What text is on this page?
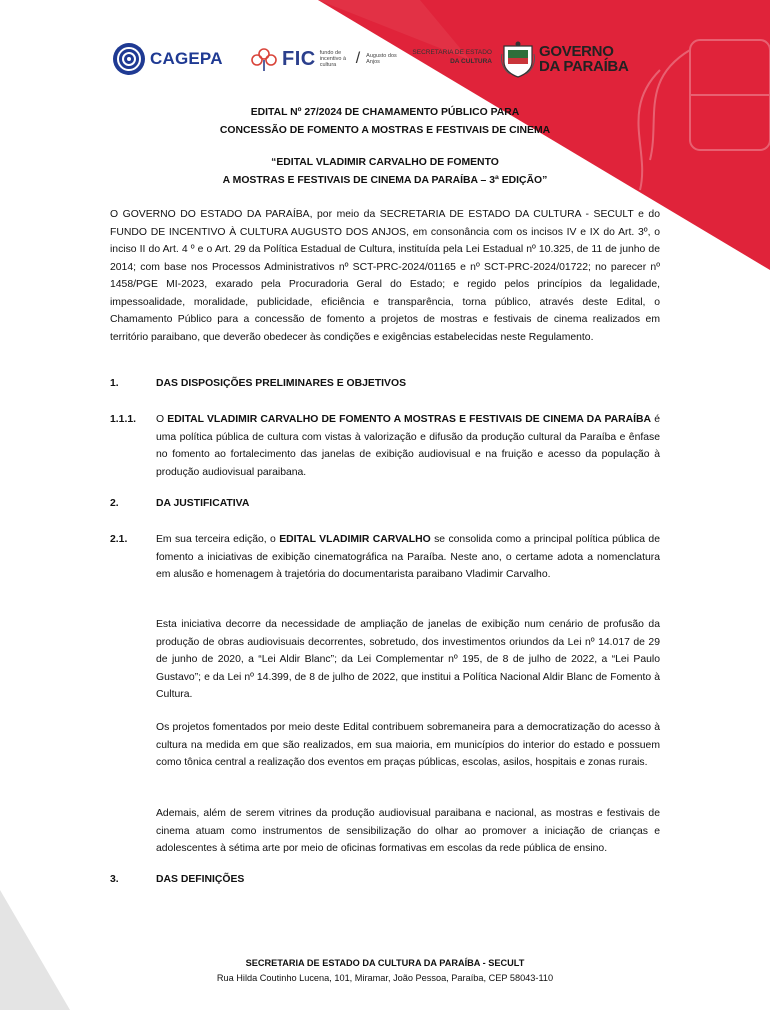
CAGEPA	FIC fundo de incentivo à cultura	/ Augusto dos Anjos
SECRETARIA DE ESTADO
DA CULTURA
GOVERNO
DA PARAÍBA
EDITAL Nº 27/2024 DE CHAMAMENTO PÚBLICO PARA
CONCESSÃO DE FOMENTO A MOSTRAS E FESTIVAIS DE CINEMA
“EDITAL VLADIMIR CARVALHO DE FOMENTO
A MOSTRAS E FESTIVAIS DE CINEMA DA PARAÍBA – 3ª EDIÇÃO”
O GOVERNO DO ESTADO DA PARAÍBA, por meio da SECRETARIA DE ESTADO DA CULTURA - SECULT e do FUNDO DE INCENTIVO À CULTURA AUGUSTO DOS ANJOS, em consonância com os incisos IV e IX do Art. 3º, o inciso II do Art. 4 º e o Art. 29 da Política Estadual de Cultura, instituída pela Lei Estadual nº 10.325, de 11 de junho de 2014; com base nos Processos Administrativos nº SCT-PRC-2024/01165 e nº SCT-PRC-2024/01722; no parecer nº 1458/PGE MI-2023, exarado pela Procuradoria Geral do Estado; e regido pelos princípios da legalidade, impessoalidade, moralidade, publicidade, eficiência e transparência, torna público, através deste Edital, o Chamamento Público para a concessão de fomento a projetos de mostras e festivais de cinema realizados em território paraibano, que deverão obedecer às condições e exigências estabelecidas neste Regulamento.
1.	DAS DISPOSIÇÕES PRELIMINARES E OBJETIVOS
1.1.1. O EDITAL VLADIMIR CARVALHO DE FOMENTO A MOSTRAS E FESTIVAIS DE CINEMA DA PARAÍBA é uma política pública de cultura com vistas à valorização e difusão da produção cultural da Paraíba e ênfase no fomento ao fortalecimento das janelas de exibição audiovisual e na fruição e acesso da população à produção audiovisual paraibana.
2.	DA JUSTIFICATIVA
2.1.	Em sua terceira edição, o EDITAL VLADIMIR CARVALHO se consolida como a principal política pública de fomento a iniciativas de exibição cinematográfica na Paraíba. Neste ano, o certame adota a nomenclatura em alusão e homenagem à trajetória do documentarista paraibano Vladimir Carvalho.
Esta iniciativa decorre da necessidade de ampliação de janelas de exibição num cenário de profusão da produção de obras audiovisuais decorrentes, sobretudo, dos investimentos oriundos da Lei nº 14.017 de 29 de junho de 2020, a “Lei Aldir Blanc”; da Lei Complementar nº 195, de 8 de julho de 2022, a “Lei Paulo Gustavo”; e da Lei nº 14.399, de 8 de julho de 2022, que institui a Política Nacional Aldir Blanc de Fomento à Cultura.
Os projetos fomentados por meio deste Edital contribuem sobremaneira para a democratização do acesso à cultura na medida em que são realizados, em sua maioria, em municípios do interior do estado e possuem como tônica central a realização dos eventos em praças públicas, escolas, asilos, hospitais e zonas rurais.
Ademais, além de serem vitrines da produção audiovisual paraibana e nacional, as mostras e festivais de cinema atuam como instrumentos de sensibilização do olhar ao promover a iniciação de crianças e adolescentes à sétima arte por meio de oficinas formativas em escolas da rede pública de ensino.
3.	DAS DEFINIÇÕES
SECRETARIA DE ESTADO DA CULTURA DA PARAÍBA - SECULT
Rua Hilda Coutinho Lucena, 101, Miramar, João Pessoa, Paraíba, CEP 58043-110
